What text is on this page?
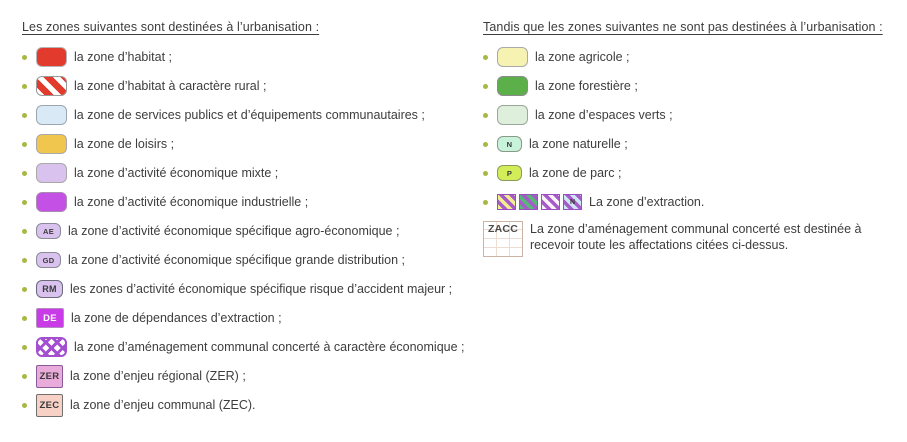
Les zones suivantes sont destinées à l’urbanisation :
la zone d’habitat ;
la zone d’habitat à caractère rural ;
la zone de services publics et d’équipements communautaires ;
la zone de loisirs ;
la zone d’activité économique mixte ;
la zone d’activité économique industrielle ;
AE	la zone d’activité économique spécifique agro-économique ;
GD	la zone d’activité économique spécifique grande distribution ;
RM	les zones d’activité économique spécifique risque d’accident majeur ;
DE	la zone de dépendances d’extraction ;
la zone d’aménagement communal concerté à caractère économique ;
ZER la zone d’enjeu régional (ZER) ;
ZEC la zone d’enjeu communal (ZEC).
Tandis que les zones suivantes ne sont pas destinées à l’urbanisation :
la zone agricole ;
la zone forestière ;
la zone d’espaces verts ;
N	la zone naturelle ;
P	la zone de parc ;
N	La zone d’extraction.
ZACC La zone d’aménagement communal concerté est destinée à recevoir toute les affectations citées ci-dessus.
